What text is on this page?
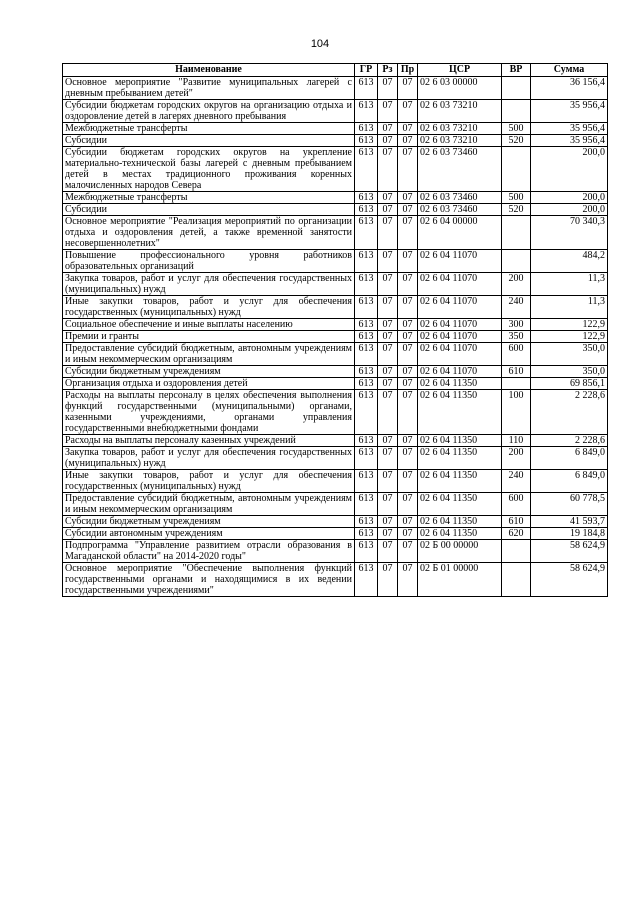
104
Наименование	ГР	Рз	Пр	ЦСР	ВР	Сумма
Основное мероприятие "Развитие муниципальных лагерей с дневным пребыванием детей"	613	07	07	02 6 03 00000		36 156,4
Субсидии бюджетам городских округов на организацию отдыха и оздоровление детей в лагерях дневного пребывания	613	07	07	02 6 03 73210		35 956,4
Межбюджетные трансферты	613	07	07	02 6 03 73210	500	35 956,4
Субсидии	613	07	07	02 6 03 73210	520	35 956,4
Субсидии бюджетам городских округов на укрепление материально-технической базы лагерей с дневным пребыванием детей в местах традиционного проживания коренных малочисленных народов Севера	613	07	07	02 6 03 73460		200,0
Межбюджетные трансферты	613	07	07	02 6 03 73460	500	200,0
Субсидии	613	07	07	02 6 03 73460	520	200,0
Основное мероприятие "Реализация мероприятий по организации отдыха и оздоровления детей, а также временной занятости несовершеннолетних"	613	07	07	02 6 04 00000		70 340,3
Повышение профессионального уровня работников образовательных организаций	613	07	07	02 6 04 11070		484,2
Закупка товаров, работ и услуг для обеспечения государственных (муниципальных) нужд	613	07	07	02 6 04 11070	200	11,3
Иные закупки товаров, работ и услуг для обеспечения государственных (муниципальных) нужд	613	07	07	02 6 04 11070	240	11,3
Социальное обеспечение и иные выплаты населению	613	07	07	02 6 04 11070	300	122,9
Премии и гранты	613	07	07	02 6 04 11070	350	122,9
Предоставление субсидий бюджетным, автономным учреждениям и иным некоммерческим организациям	613	07	07	02 6 04 11070	600	350,0
Субсидии бюджетным учреждениям	613	07	07	02 6 04 11070	610	350,0
Организация отдыха и оздоровления детей	613	07	07	02 6 04 11350		69 856,1
Расходы на выплаты персоналу в целях обеспечения выполнения функций государственными (муниципальными) органами, казенными учреждениями, органами управления государственными внебюджетными фондами	613	07	07	02 6 04 11350	100	2 228,6
Расходы на выплаты персоналу казенных учреждений	613	07	07	02 6 04 11350	110	2 228,6
Закупка товаров, работ и услуг для обеспечения государственных (муниципальных) нужд	613	07	07	02 6 04 11350	200	6 849,0
Иные закупки товаров, работ и услуг для обеспечения государственных (муниципальных) нужд	613	07	07	02 6 04 11350	240	6 849,0
Предоставление субсидий бюджетным, автономным учреждениям и иным некоммерческим организациям	613	07	07	02 6 04 11350	600	60 778,5
Субсидии бюджетным учреждениям	613	07	07	02 6 04 11350	610	41 593,7
Субсидии автономным учреждениям	613	07	07	02 6 04 11350	620	19 184,8
Подпрограмма "Управление развитием отрасли образования в Магаданской области" на 2014-2020 годы"	613	07	07	02 Б 00 00000		58 624,9
Основное мероприятие "Обеспечение выполнения функций государственными органами и находящимися в их ведении государственными учреждениями"	613	07	07	02 Б 01 00000		58 624,9
